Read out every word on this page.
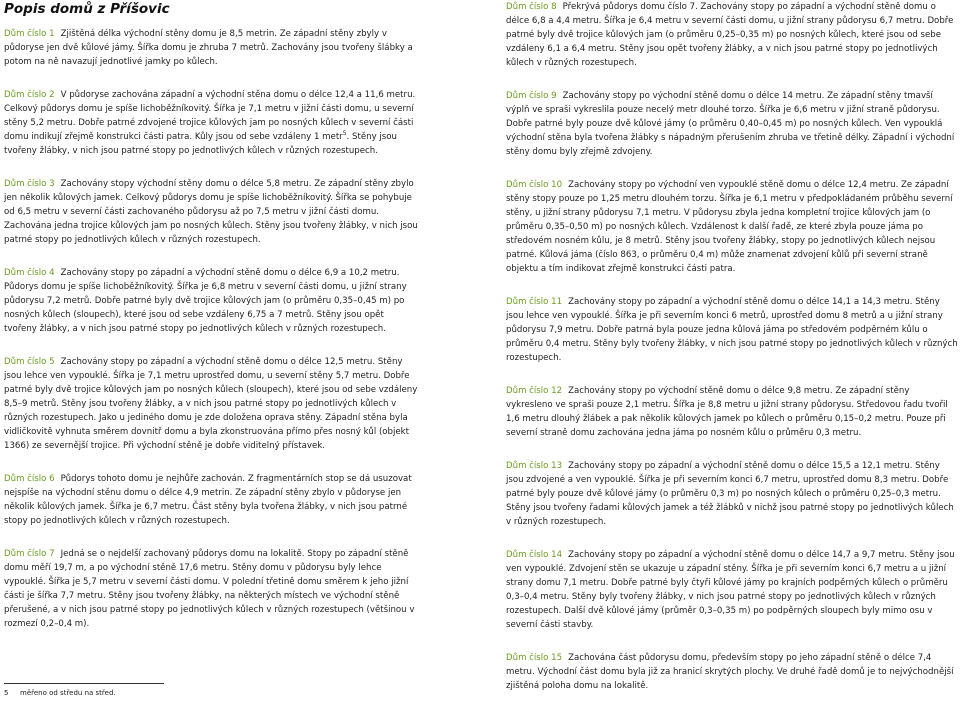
Popis domů z Příšovic

Dům číslo 1 Zjištěná délka východní stěny domu je 8,5 metrin. Ze západní stěny zbyly v půdoryse jen dvě kůlové jámy. Šířka domu je zhruba 7 metrů. Zachovány jsou tvořeny šlábky a potom na ně navazují jednotlivé jamky po kůlech.

Dům číslo 2 V půdoryse zachována západní a východní stěna domu o délce 12,4 a 11,6 metru. Celkový půdorys domu je spíše lichoběžníkovitý. Šířka je 7,1 metru v jižní části domu, u severní stěny 5,2 metru. Dobře patrné zdvojené trojice kůlových jam po nosných kůlech v severní části domu indikují zřejmě konstrukci části patra. Kůly jsou od sebe vzdáleny 1 metr$^5$. Stěny jsou tvořeny žlábky, v nich jsou patrné stopy po jednotlivých kůlech v různých rozestupech.

Dům číslo 3 Zachovány stopy východní stěny domu o délce 5,8 metru. Ze západní stěny zbylo jen několik kůlových jamek. Celkový půdorys domu je spíše lichoběžníkovitý. Šířka se pohybuje od 6,5 metru v severní části zachovaného půdorysu až po 7,5 metru v jižní části domu. Zachována jedna trojice kůlových jam po nosných kůlech. Stěny jsou tvořeny žlábky, v nich jsou patrné stopy po jednotlivých kůlech v různých rozestupech.

Dům číslo 4 Zachovány stopy po západní a východní stěně domu o délce 6,9 a 10,2 metru. Půdorys domu je spíše lichoběžníkovitý. Šířka je 6,8 metru v severní části domu, u jižní strany půdorysu 7,2 metrů. Dobře patrné byly dvě trojice kůlových jam (o průměru 0,35–0,45 m) po nosných kůlech (sloupech), které jsou od sebe vzdáleny 6,75 a 7 metrů. Stěny jsou opět tvořeny žlábky, a v nich jsou patrné stopy po jednotlivých kůlech v různých rozestupech.

Dům číslo 5 Zachovány stopy po západní a východní stěně domu o délce 12,5 metru. Stěny jsou lehce ven vypouklé. Šířka je 7,1 metru uprostřed domu, u severní stěny 5,7 metru. Dobře patrné byly dvě trojice kůlových jam po nosných kůlech (sloupech), které jsou od sebe vzdáleny 8,5–9 metrů. Stěny jsou tvořeny žlábky, a v nich jsou patrné stopy po jednotlivých kůlech v různých rozestupech. Jako u jediného domu je zde doložena oprava stěny. Západní stěna byla vidličkovitě vyhnuta směrem dovnitř domu a byla zkonstruována přímo přes nosný kůl (objekt 1366) ze severnější trojice. Při východní stěně je dobře viditelný přístavek.

Dům číslo 6 Půdorys tohoto domu je nejhůře zachován. Z fragmentárních stop se dá usuzovat nejspíše na východní stěnu domu o délce 4,9 metrin. Ze západní stěny zbylo v půdoryse jen několik kůlových jamek. Šířka je 6,7 metru. Část stěny byla tvořena žlábky, v nich jsou patrné stopy po jednotlivých kůlech v různých rozestupech.

Dům číslo 7 Jedná se o nejdelší zachovaný půdorys domu na lokalitě. Stopy po západní stěně domu měří 19,7 m, a po východní stěně 17,6 metru. Stěny domu v půdorysu byly lehce vypouklé. Šířka je 5,7 metru v severní části domu. V polední třetině domu směrem k jeho jižní části je šířka 7,7 metru. Stěny jsou tvořeny žlábky, na některých místech ve východní stěně přerušené, a v nich jsou patrné stopy po jednotlivých kůlech v různých rozestupech (většinou v rozmezí 0,2–0,4 m).

Dům číslo 8 Překrývá půdorys domu číslo 7. Zachovány stopy po západní a východní stěně domu o délce 6,8 a 4,4 metru. Šířka je 6,4 metru v severní části domu, u jižní strany půdorysu 6,7 metru. Dobře patrné byly dvě trojice kůlových jam (o průměru 0,25–0,35 m) po nosných kůlech, které jsou od sebe vzdáleny 6,1 a 6,4 metru. Stěny jsou opět tvořeny žlábky, a v nich jsou patrné stopy po jednotlivých kůlech v různých rozestupech.

Dům číslo 9 Zachovány stopy po východní stěně domu o délce 14 metru. Ze západní stěny tmavší výplň ve spraši vykreslila pouze necelý metr dlouhé torzo. Šířka je 6,6 metru v jižní straně půdorysu. Dobře patrné byly pouze dvě kůlové jámy (o průměru 0,40–0,45 m) po nosných kůlech. Ven vypouklá východní stěna byla tvořena žlábky s nápadným přerušením zhruba ve třetině délky. Západní i východní stěny domu byly zřejmě zdvojeny.

Dům číslo 10 Zachovány stopy po východní ven vypouklé stěně domu o délce 12,4 metru. Ze západní stěny stopy pouze po 1,25 metru dlouhém torzu. Šířka je 6,1 metru v předpokládaném průběhu severní stěny, u jižní strany půdorysu 7,1 metru. V půdorysu zbyla jedna kompletní trojice kůlových jam (o průměru 0,35–0,50 m) po nosných kůlech. Vzdálenost k další řadě, ze které zbyla pouze jáma po středovém nosném kůlu, je 8 metrů. Stěny jsou tvořeny žlábky, stopy po jednotlivých kůlech nejsou patrné. Kůlová jáma (číslo 863, o průměru 0,4 m) může znamenat zdvojení kůlů při severní straně objektu a tím indikovat zřejmě konstrukci části patra.

Dům číslo 11 Zachovány stopy po západní a východní stěně domu o délce 14,1 a 14,3 metru. Stěny jsou lehce ven vypouklé. Šířka je při severním konci 6 metrů, uprostřed domu 8 metrů a u jižní strany půdorysu 7,9 metru. Dobře patrná byla pouze jedna kůlová jáma po středovém podpěrném kůlu o průměru 0,4 metru. Stěny byly tvořeny žlábky, v nich jsou patrné stopy po jednotlivých kůlech v různých rozestupech.

Dům číslo 12 Zachovány stopy po východní stěně domu o délce 9,8 metru. Ze západní stěny vykresleno ve spraši pouze 2,1 metru. Šířka je 8,8 metru u jižní strany půdorysu. Středovou řadu tvořil 1,6 metru dlouhý žlábek a pak několik kůlových jamek po kůlech o průměru 0,15–0,2 metru. Pouze při severní straně domu zachována jedna jáma po nosném kůlu o průměru 0,3 metru.

Dům číslo 13 Zachovány stopy po západní a východní stěně domu o délce 15,5 a 12,1 metru. Stěny jsou zdvojené a ven vypouklé. Šířka je při severním konci 6,7 metru, uprostřed domu 8,3 metru. Dobře patrné byly pouze dvě kůlové jámy (o průměru 0,3 m) po nosných kůlech o průměru 0,25–0,3 metru. Stěny jsou tvořeny řadami kůlových jamek a též žlábků v nichž jsou patrné stopy po jednotlivých kůlech v různých rozestupech.

Dům číslo 14 Zachovány stopy po západní a východní stěně domu o délce 14,7 a 9,7 metru. Stěny jsou ven vypouklé. Zdvojení stěn se ukazuje u západní stěny. Šířka je při severním konci 6,7 metru a u jižní strany domu 7,1 metru. Dobře patrné byly čtyři kůlové jámy po krajních podpěrných kůlech o průměru 0,3–0,4 metru. Stěny byly tvořeny žlábky, v nich jsou patrné stopy po jednotlivých kůlech v různých rozestupech. Další dvě kůlové jámy (průměr 0,3–0,35 m) po podpěrných sloupech byly mimo osu v severní části stavby.

Dům číslo 15 Zachována část půdorysu domu, především stopy po jeho západní stěně o délce 7,4 metru. Východní část domu byla již za hranicí skrytých plochy. Ve druhé řadě domů je to nejvýchodnější zjištěná poloha domu na lokalitě.

5 měřeno od středu na střed.
